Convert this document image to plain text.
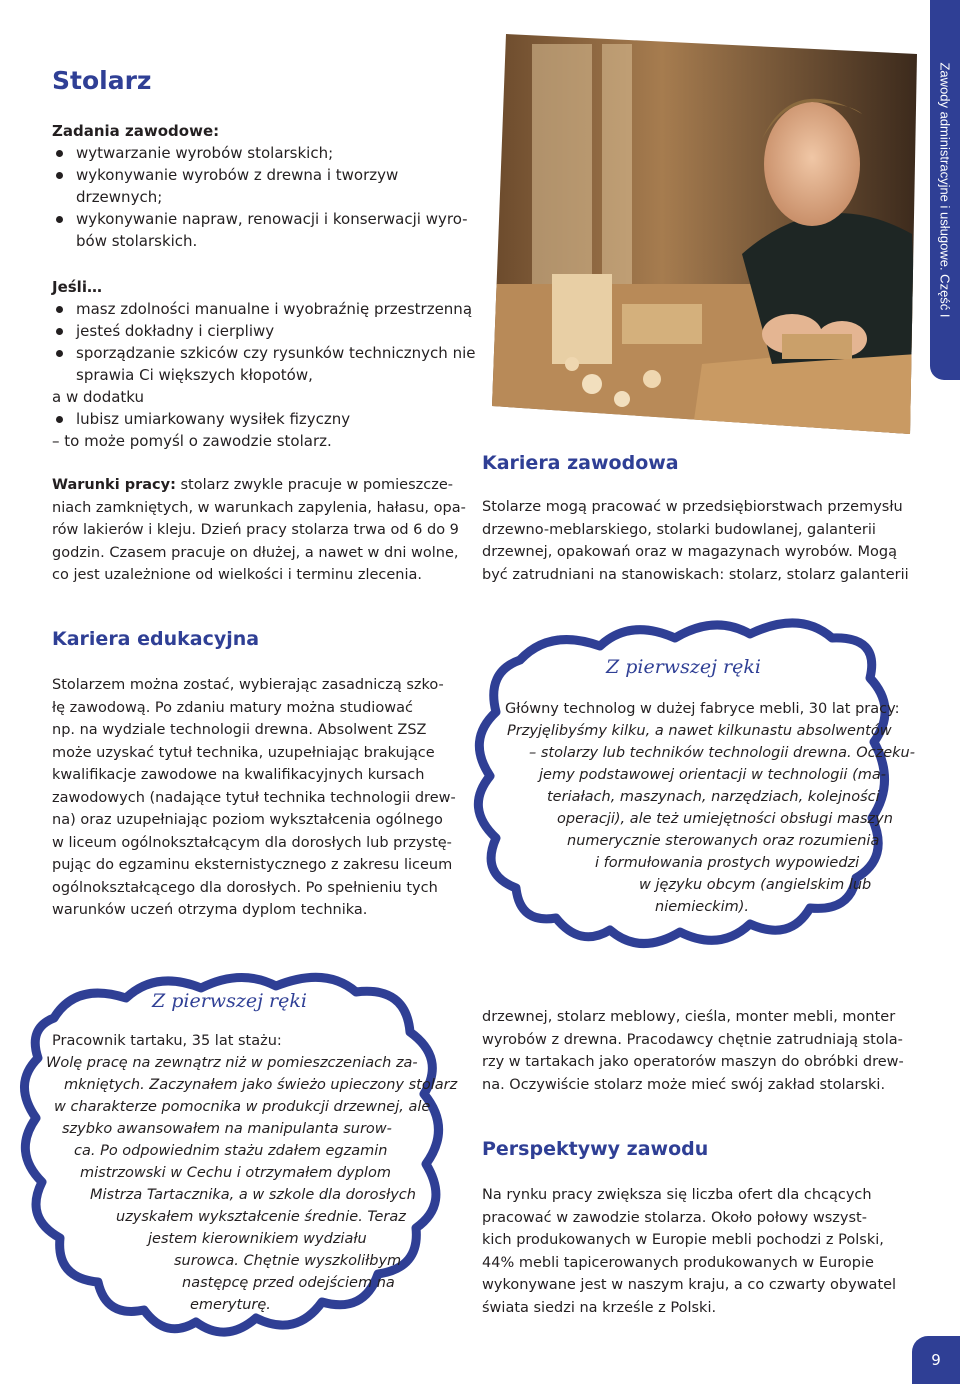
Zawody administracyjne i usługowe. Część I
Stolarz
Zadania zawodowe:
wytwarzanie wyrobów stolarskich;
wykonywanie wyrobów z drewna i tworzyw
drzewnych;
wykonywanie napraw, renowacji i konserwacji wyro-
bów stolarskich.
Jeśli…
masz zdolności manualne i wyobraźnię przestrzenną
jesteś dokładny i cierpliwy
sporządzanie szkiców czy rysunków technicznych nie
sprawia Ci większych kłopotów,
a w dodatku
lubisz umiarkowany wysiłek fizyczny
– to może pomyśl o zawodzie stolarz.

Warunki pracy: stolarz zwykle pracuje w pomieszcze-
niach zamkniętych, w warunkach zapylenia, hałasu, opa-
rów lakierów i kleju. Dzień pracy stolarza trwa od 6 do 9
godzin. Czasem pracuje on dłużej, a nawet w dni wolne,
co jest uzależnione od wielkości i terminu zlecenia.

Kariera zawodowa

Stolarze mogą pracować w przedsiębiorstwach przemysłu
drzewno-meblarskiego, stolarki budowlanej, galanterii
drzewnej, opakowań oraz w magazynach wyrobów. Mogą
być zatrudniani na stanowiskach: stolarz, stolarz galanterii

Kariera edukacyjna

Stolarzem można zostać, wybierając zasadniczą szko-
łę zawodową. Po zdaniu matury można studiować
np. na wydziale technologii drewna. Absolwent ZSZ
może uzyskać tytuł technika, uzupełniając brakujące
kwalifikacje zawodowe na kwalifikacyjnych kursach
zawodowych (nadające tytuł technika technologii drew-
na) oraz uzupełniając poziom wykształcenia ogólnego
w liceum ogólnokształcącym dla dorosłych lub przystę-
pując do egzaminu eksternistycznego z zakresu liceum
ogólnokształcącego dla dorosłych. Po spełnieniu tych
warunków uczeń otrzyma dyplom technika.

Z pierwszej ręki

Główny technolog w dużej fabryce mebli, 30 lat pracy:
Przyjęlibyśmy kilku, a nawet kilkunastu absolwentów
– stolarzy lub techników technologii drewna. Oczeku-
jemy podstawowej orientacji w technologii (ma-
teriałach, maszynach, narzędziach, kolejności
operacji), ale też umiejętności obsługi maszyn
numerycznie sterowanych oraz rozumienia
i formułowania prostych wypowiedzi
w języku obcym (angielskim lub
niemieckim).

Z pierwszej ręki

Pracownik tartaku, 35 lat stażu:
Wolę pracę na zewnątrz niż w pomieszczeniach za-
mkniętych. Zaczynałem jako świeżo upieczony stolarz
w charakterze pomocnika w produkcji drzewnej, ale
szybko awansowałem na manipulanta surow-
ca. Po odpowiednim stażu zdałem egzamin
mistrzowski w Cechu i otrzymałem dyplom
Mistrza Tartacznika, a w szkole dla dorosłych
uzyskałem wykształcenie średnie. Teraz
jestem kierownikiem wydziału
surowca. Chętnie wyszkoliłbym
następcę przed odejściem na
emeryturę.

drzewnej, stolarz meblowy, cieśla, monter mebli, monter
wyrobów z drewna. Pracodawcy chętnie zatrudniają stola-
rzy w tartakach jako operatorów maszyn do obróbki drew-
na. Oczywiście stolarz może mieć swój zakład stolarski.

Perspektywy zawodu

Na rynku pracy zwiększa się liczba ofert dla chcących
pracować w zawodzie stolarza. Około połowy wszyst-
kich produkowanych w Europie mebli pochodzi z Polski,
44% mebli tapicerowanych produkowanych w Europie
wykonywane jest w naszym kraju, a co czwarty obywatel
świata siedzi na krześle z Polski.

9
